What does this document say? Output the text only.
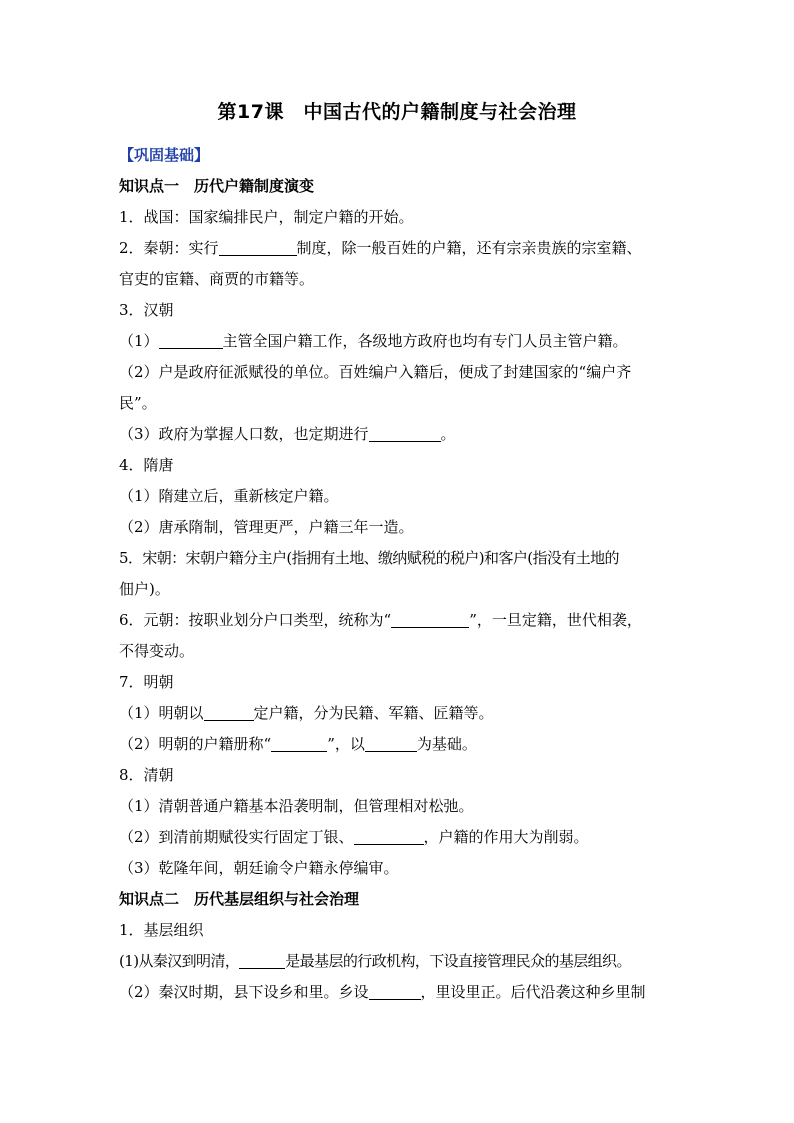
第17课　中国古代的户籍制度与社会治理
【巩固基础】
知识点一　历代户籍制度演变
1．战国：国家编排民户，制定户籍的开始。
2．秦朝：实行	制度，除一般百姓的户籍，还有宗亲贵族的宗室籍、
官吏的宦籍、商贾的市籍等。
3．汉朝
（1）	主管全国户籍工作，各级地方政府也均有专门人员主管户籍。
（2）户是政府征派赋役的单位。百姓编户入籍后，便成了封建国家的“编户齐
民”。
（3）政府为掌握人口数，也定期进行	。
4．隋唐
（1）隋建立后，重新核定户籍。
（2）唐承隋制，管理更严，户籍三年一造。
5．宋朝：宋朝户籍分主户(指拥有土地、缴纳赋税的税户)和客户(指没有土地的
佃户)。
6．元朝：按职业划分户口类型，统称为“	”，一旦定籍，世代相袭，
不得变动。
7．明朝
（1）明朝以	定户籍，分为民籍、军籍、匠籍等。
（2）明朝的户籍册称“	”，以	为基础。
8．清朝
（1）清朝普通户籍基本沿袭明制，但管理相对松弛。
（2）到清前期赋役实行固定丁银、	，户籍的作用大为削弱。
（3）乾隆年间，朝廷谕令户籍永停编审。
知识点二　历代基层组织与社会治理
1．基层组织
(1)从秦汉到明清，	是最基层的行政机构，下设直接管理民众的基层组织。
（2）秦汉时期，县下设乡和里。乡设	，里设里正。后代沿袭这种乡里制
